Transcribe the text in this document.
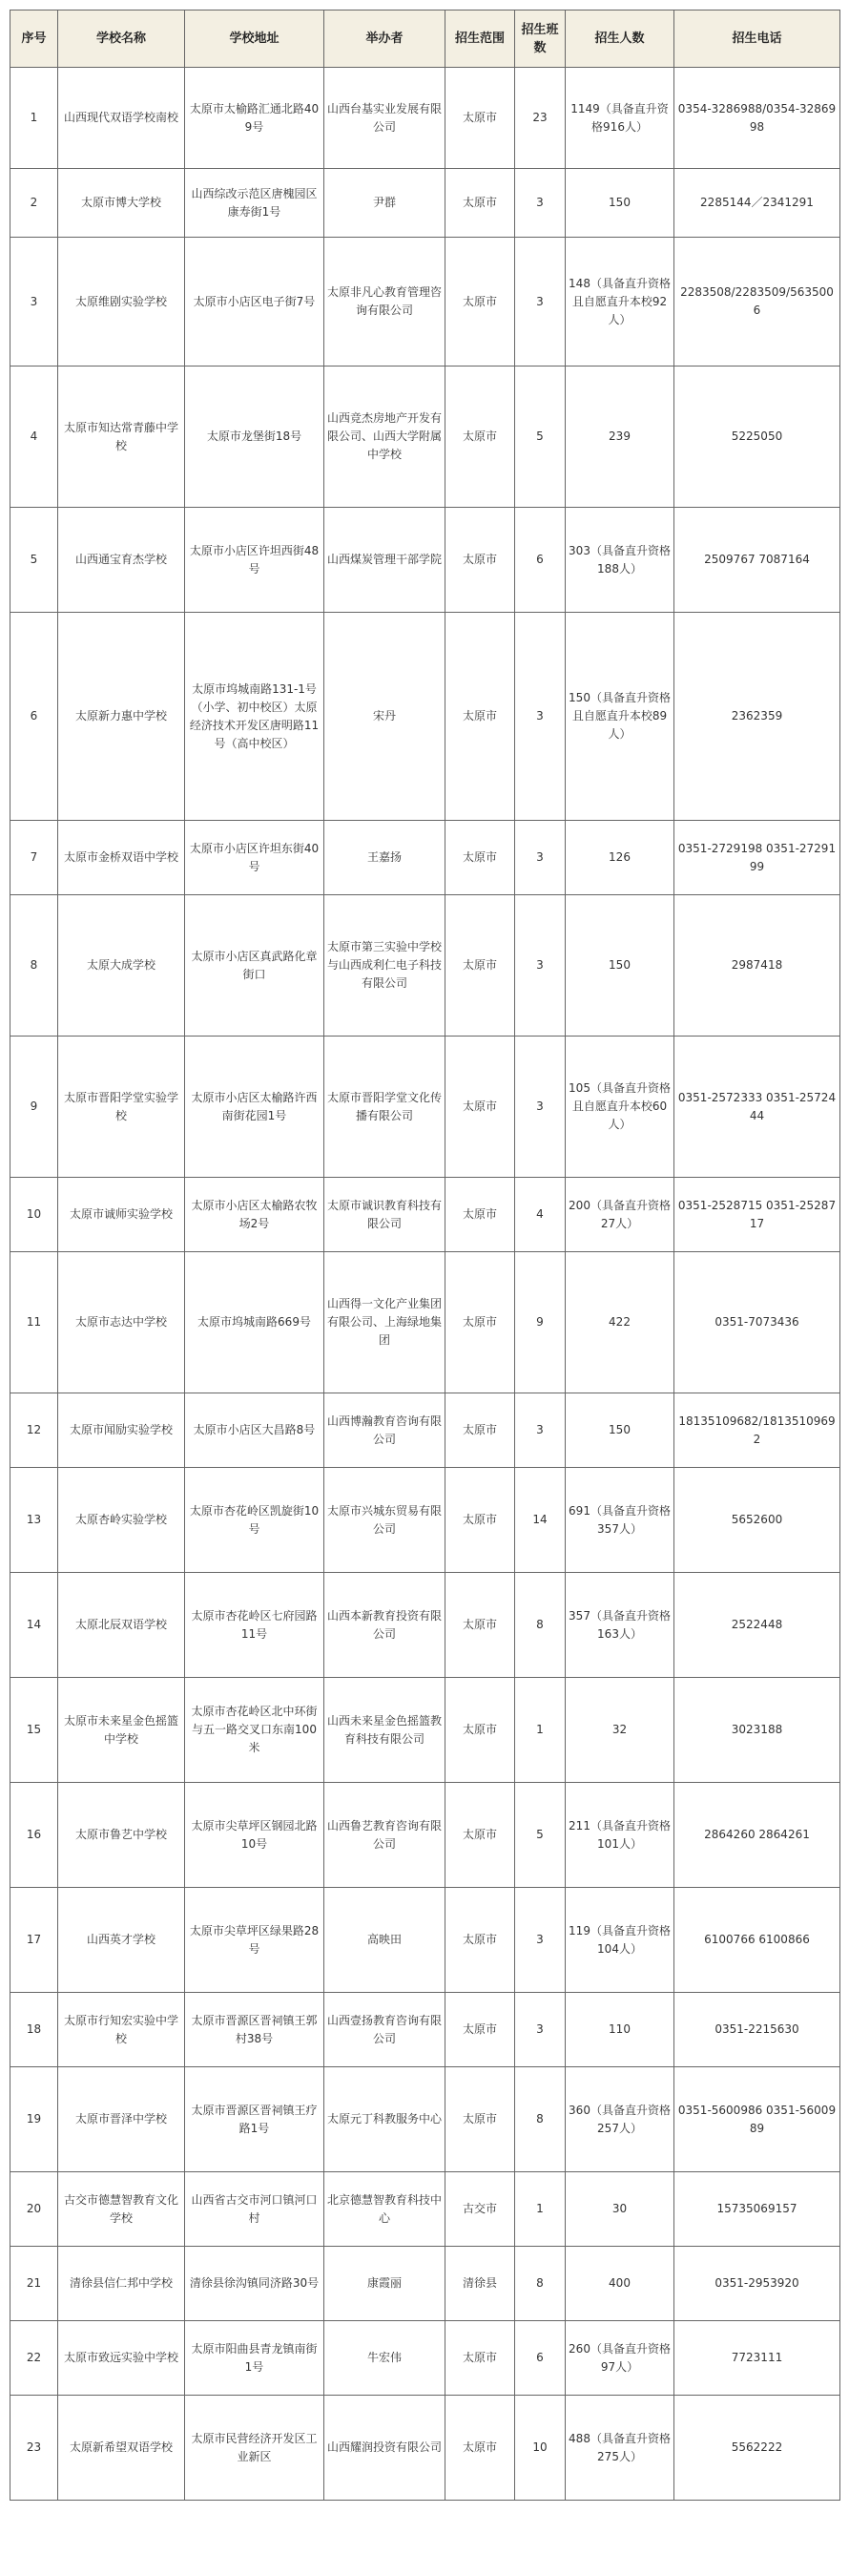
序号	学校名称	学校地址	举办者	招生范围	招生班数	招生人数	招生电话
1	山西现代双语学校南校	太原市太榆路汇通北路409号	山西台基实业发展有限公司	太原市	23	1149（具备直升资格916人）	0354-3286988/0354-3286998
2	太原市博大学校	山西综改示范区唐槐园区康寿街1号	尹群	太原市	3	150	2285144／2341291
3	太原维剧实验学校	太原市小店区电子街7号	太原非凡心教育管理咨询有限公司	太原市	3	148（具备直升资格且自愿直升本校92人）	2283508/2283509/5635006
4	太原市知达常青藤中学校	太原市龙堡街18号	山西竞杰房地产开发有限公司、山西大学附属中学校	太原市	5	239	5225050
5	山西通宝育杰学校	太原市小店区许坦西街48号	山西煤炭管理干部学院	太原市	6	303（具备直升资格188人）	2509767 7087164
6	太原新力惠中学校	太原市坞城南路131-1号（小学、初中校区）太原经济技术开发区唐明路11号（高中校区）	宋丹	太原市	3	150（具备直升资格且自愿直升本校89人）	2362359
7	太原市金桥双语中学校	太原市小店区许坦东街40号	王嘉扬	太原市	3	126	0351-2729198 0351-2729199
8	太原大成学校	太原市小店区真武路化章街口	太原市第三实验中学校与山西成利仁电子科技有限公司	太原市	3	150	2987418
9	太原市晋阳学堂实验学校	太原市小店区太榆路许西南街花园1号	太原市晋阳学堂文化传播有限公司	太原市	3	105（具备直升资格且自愿直升本校60人）	0351-2572333 0351-2572444
10	太原市诚师实验学校	太原市小店区太榆路农牧场2号	太原市诚识教育科技有限公司	太原市	4	200（具备直升资格27人）	0351-2528715 0351-2528717
11	太原市志达中学校	太原市坞城南路669号	山西得一文化产业集团有限公司、上海绿地集团	太原市	9	422	0351-7073436
12	太原市闻励实验学校	太原市小店区大昌路8号	山西博瀚教育咨询有限公司	太原市	3	150	18135109682/18135109692
13	太原杏岭实验学校	太原市杏花岭区凯旋街10号	太原市兴城东贸易有限公司	太原市	14	691（具备直升资格357人）	5652600
14	太原北辰双语学校	太原市杏花岭区七府园路11号	山西本新教育投资有限公司	太原市	8	357（具备直升资格163人）	2522448
15	太原市未来星金色摇篮中学校	太原市杏花岭区北中环街与五一路交叉口东南100米	山西未来星金色摇篮教育科技有限公司	太原市	1	32	3023188
16	太原市鲁艺中学校	太原市尖草坪区钢园北路10号	山西鲁艺教育咨询有限公司	太原市	5	211（具备直升资格101人）	2864260 2864261
17	山西英才学校	太原市尖草坪区绿果路28号	高映田	太原市	3	119（具备直升资格104人）	6100766 6100866
18	太原市行知宏实验中学校	太原市晋源区晋祠镇王郭村38号	山西壹扬教育咨询有限公司	太原市	3	110	0351-2215630
19	太原市晋泽中学校	太原市晋源区晋祠镇王疗路1号	太原元丁科教服务中心	太原市	8	360（具备直升资格257人）	0351-5600986 0351-5600989
20	古交市德慧智教育文化学校	山西省古交市河口镇河口村	北京德慧智教育科技中心	古交市	1	30	15735069157
21	清徐县信仁邦中学校	清徐县徐沟镇同济路30号	康霞丽	清徐县	8	400	0351-2953920
22	太原市致远实验中学校	太原市阳曲县青龙镇南街1号	牛宏伟	太原市	6	260（具备直升资格97人）	7723111
23	太原新希望双语学校	太原市民营经济开发区工业新区	山西耀润投资有限公司	太原市	10	488（具备直升资格275人）	5562222
